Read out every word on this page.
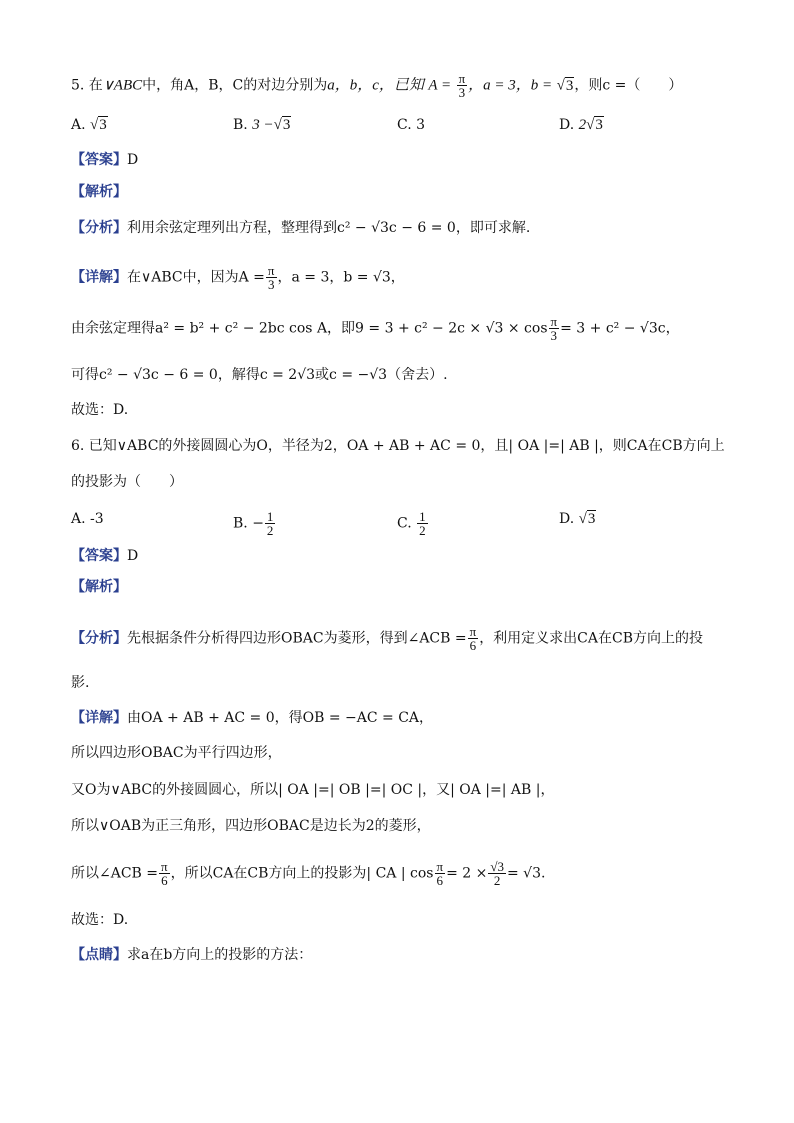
5. 在∨ABC中，角A，B，C的对边分别为a，b，c，已知 $A = \frac{\pi}{3}$ ，a = 3，b = √3，则c =（　　）
A. √3	B. 3 −√3	C. 3	D. 2√3
【答案】D
【解析】
【分析】利用余弦定理列出方程，整理得到c² − √3c − 6 = 0，即可求解.
【详解】在∨ABC中，因为$A = \frac{\pi}{3}$ ，a = 3，b = √3，
由余弦定理得a² = b² + c² − 2bc cos A，即$9 = 3 + c^2 - 2c \times √3 \times \cos \frac{\pi}{3} = 3 + c^2 - √3c$，
可得c² − √3c − 6 = 0，解得c = 2√3或c = −√3（舍去）.
故选：D.
6. 已知∨ABC的外接圆圆心为O，半径为2，OA + AB + AC = 0，且| OA |=| AB |，则CA在CB方向上
的投影为（　　）
A. -3	B. − $\frac{1}{2}$	C. $\frac{1}{2}$	D. √3
【答案】D
【解析】
【分析】先根据条件分析得四边形OBAC为菱形，得到∠ACB = $\frac{\pi}{6}$ ，利用定义求出CA在CB方向上的投
影.
【详解】由OA + AB + AC = 0，得OB = −AC = CA，
所以四边形OBAC为平行四边形，
又O为∨ABC的外接圆圆心，所以| OA |=| OB |=| OC |，又| OA |=| AB |，
所以∨OAB为正三角形，四边形OBAC是边长为2的菱形，
所以∠ACB = $\frac{\pi}{6}$ ，所以CA在CB方向上的投影为| CA | $\cos \frac{\pi}{6} = 2 \times \frac{√3}{2} = √3$.
故选：D.
【点睛】求a在b方向上的投影的方法：
